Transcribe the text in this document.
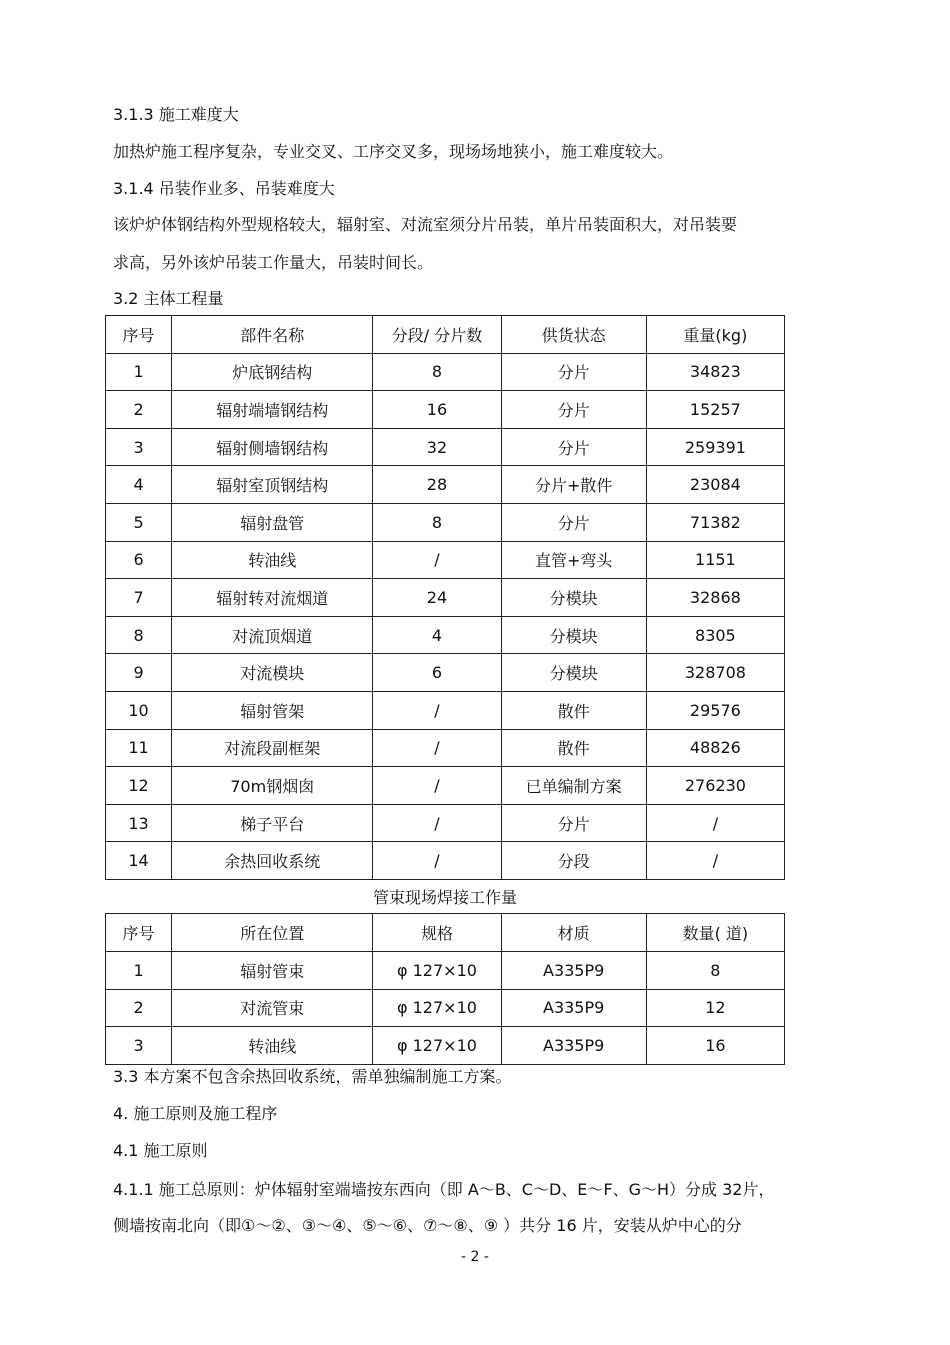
3.1.3 施工难度大
加热炉施工程序复杂，专业交叉、工序交叉多，现场场地狭小，施工难度较大。
3.1.4 吊装作业多、吊装难度大
该炉炉体钢结构外型规格较大，辐射室、对流室须分片吊装，单片吊装面积大，对吊装要
求高，另外该炉吊装工作量大，吊装时间长。
3.2 主体工程量
序号	部件名称	分段/ 分片数	供货状态	重量(kg)
1	炉底钢结构	8	分片	34823
2	辐射端墙钢结构	16	分片	15257
3	辐射侧墙钢结构	32	分片	259391
4	辐射室顶钢结构	28	分片+散件	23084
5	辐射盘管	8	分片	71382
6	转油线	/	直管+弯头	1151
7	辐射转对流烟道	24	分模块	32868
8	对流顶烟道	4	分模块	8305
9	对流模块	6	分模块	328708
10	辐射管架	/	散件	29576
11	对流段副框架	/	散件	48826
12	70m钢烟囱	/	已单编制方案	276230
13	梯子平台	/	分片	/
14	余热回收系统	/	分段	/
管束现场焊接工作量
序号	所在位置	规格	材质	数量( 道)
1	辐射管束	φ 127×10	A335P9	8
2	对流管束	φ 127×10	A335P9	12
3	转油线	φ 127×10	A335P9	16
3.3 本方案不包含余热回收系统，需单独编制施工方案。
4. 施工原则及施工程序
4.1 施工原则
4.1.1 施工总原则：炉体辐射室端墙按东西向（即 A～B、C～D、E～F、G～H）分成 32片，
侧墙按南北向（即①～②、③～④、⑤～⑥、⑦～⑧、⑨ ）共分 16 片，安装从炉中心的分
- 2 -
